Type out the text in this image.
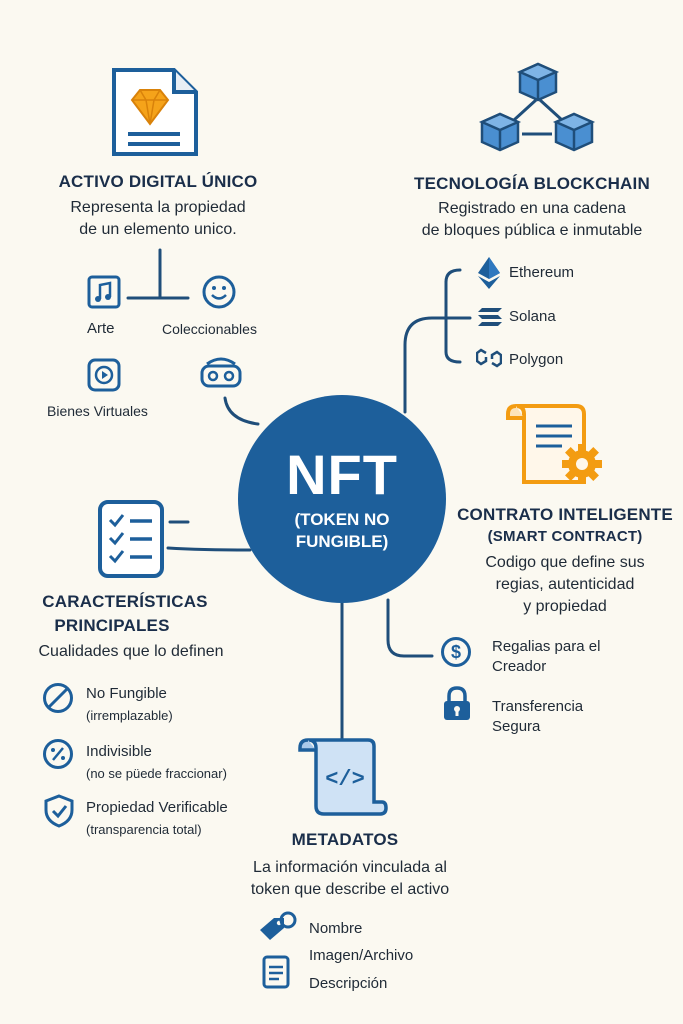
ACTIVO DIGITAL ÚNICO
Representa la propiedad
de un elemento unico.
Arte	Coleccionables
Bienes Virtuales
TECNOLOGÍA BLOCKCHAIN
Registrado en una cadena
de bloques pública e inmutable
Ethereum
Solana
Polygon
NFT
(TOKEN NO
FUNGIBLE)
CONTRATO INTELIGENTE
(SMART CONTRACT)
Codigo que define sus
regias, autenticidad
y propiedad
$ Regalias para el
Creador
Transferencia
Segura
CARACTERÍSTICAS
PRINCIPALES
Cualidades que lo definen
No Fungible
(irremplazable)
Indivisible
(no se püede fraccionar)
Propiedad Verificable
(transparencia total)
</>
METADATOS
La información vinculada al
token que describe el activo
Nombre
Imagen/Archivo
Descripción
